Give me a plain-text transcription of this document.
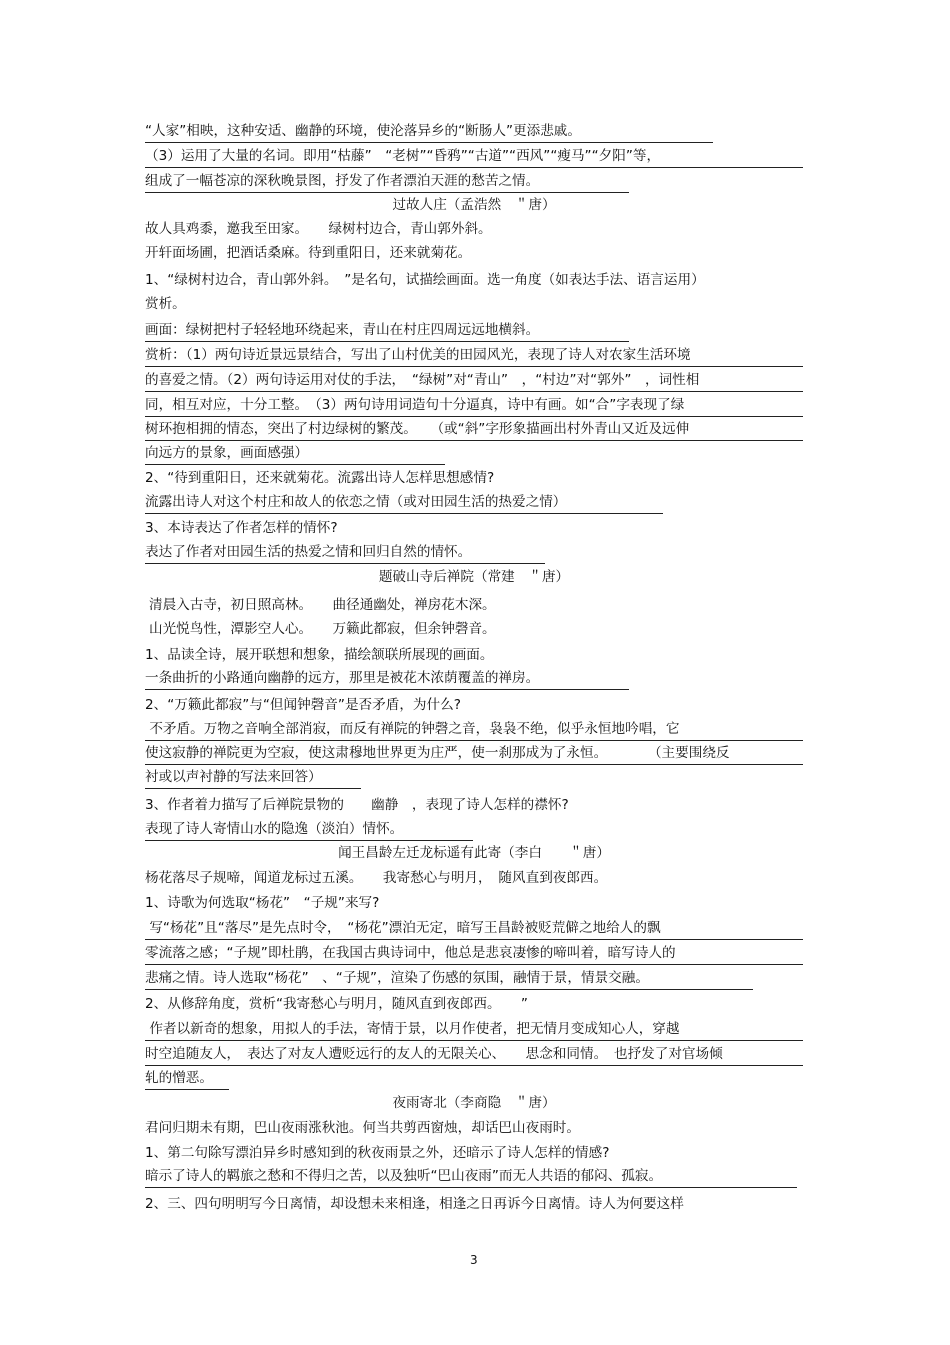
“人家”相映，这种安适、幽静的环境，使沦落异乡的“断肠人”更添悲戚。
（3）运用了大量的名词。即用“枯藤”　“老树”“昏鸦”“古道”“西风”“瘦马”“夕阳”等，
组成了一幅苍凉的深秋晚景图，抒发了作者漂泊天涯的愁苦之情。
过故人庄（孟浩然　＂唐）
故人具鸡黍，邀我至田家。　　绿树村边合，青山郭外斜。
开轩面场圃，把酒话桑麻。待到重阳日，还来就菊花。
1、“绿树村边合，青山郭外斜。　”是名句，试描绘画面。选一角度（如表达手法、语言运用）
赏析。
画面：绿树把村子轻轻地环绕起来，青山在村庄四周远远地横斜。
赏析：（1）两句诗近景远景结合，写出了山村优美的田园风光，表现了诗人对农家生活环境
的喜爱之情。（2）两句诗运用对仗的手法，　“绿树”对“青山”　，“村边”对“郭外”　，词性相
同，相互对应，十分工整。　（3）两句诗用词造句十分逼真，诗中有画。如“合”字表现了绿
树环抱相拥的情态，突出了村边绿树的繁茂。　　（或“斜”字形象描画出村外青山又近及远伸
向远方的景象，画面感强）
2、“待到重阳日，还来就菊花。流露出诗人怎样思想感情?
流露出诗人对这个村庄和故人的依恋之情（或对田园生活的热爱之情）
3、本诗表达了作者怎样的情怀?
表达了作者对田园生活的热爱之情和回归自然的情怀。
题破山寺后禅院（常建　＂唐）
清晨入古寺，初日照高林。　　曲径通幽处，禅房花木深。
山光悦鸟性，潭影空人心。　　万籁此都寂，但余钟磬音。
1、品读全诗，展开联想和想象，描绘颔联所展现的画面。
一条曲折的小路通向幽静的远方，那里是被花木浓荫覆盖的禅房。
2、“万籁此都寂”与“但闻钟磬音”是否矛盾，为什么?
不矛盾。万物之音响全部消寂，而反有禅院的钟磬之音，袅袅不绝，似乎永恒地吟唱，它
使这寂静的禅院更为空寂，使这肃穆地世界更为庄严，使一刹那成为了永恒。　　　　（主要围绕反
衬或以声衬静的写法来回答）
3、作者着力描写了后禅院景物的　　幽静　，表现了诗人怎样的襟怀?
表现了诗人寄情山水的隐逸（淡泊）情怀。
闻王昌龄左迁龙标遥有此寄（李白　　＂唐）
杨花落尽子规啼，闻道龙标过五溪。　　我寄愁心与明月，　随风直到夜郎西。
1、诗歌为何选取“杨花”　“子规”来写?
写“杨花”且“落尽”是先点时令，　“杨花”漂泊无定，暗写王昌龄被贬荒僻之地给人的飘
零流落之感；“子规”即杜鹃，在我国古典诗词中，他总是悲哀凄惨的啼叫着，暗写诗人的
悲痛之情。诗人选取“杨花”　、“子规”，渲染了伤感的氛围，融情于景，情景交融。
2、从修辞角度，赏析“我寄愁心与明月，随风直到夜郎西。　　”
作者以新奇的想象，用拟人的手法，寄情于景，以月作使者，把无情月变成知心人，穿越
时空追随友人，　表达了对友人遭贬远行的友人的无限关心、　　思念和同情。　也抒发了对官场倾
轧的憎恶。
夜雨寄北（李商隐　＂唐）
君问归期未有期，巴山夜雨涨秋池。何当共剪西窗烛，却话巴山夜雨时。
1、第二句除写漂泊异乡时感知到的秋夜雨景之外，还暗示了诗人怎样的情感?
暗示了诗人的羁旅之愁和不得归之苦，以及独听“巴山夜雨”而无人共语的郁闷、孤寂。
2、三、四句明明写今日离情，却设想未来相逢，相逢之日再诉今日离情。诗人为何要这样
3
